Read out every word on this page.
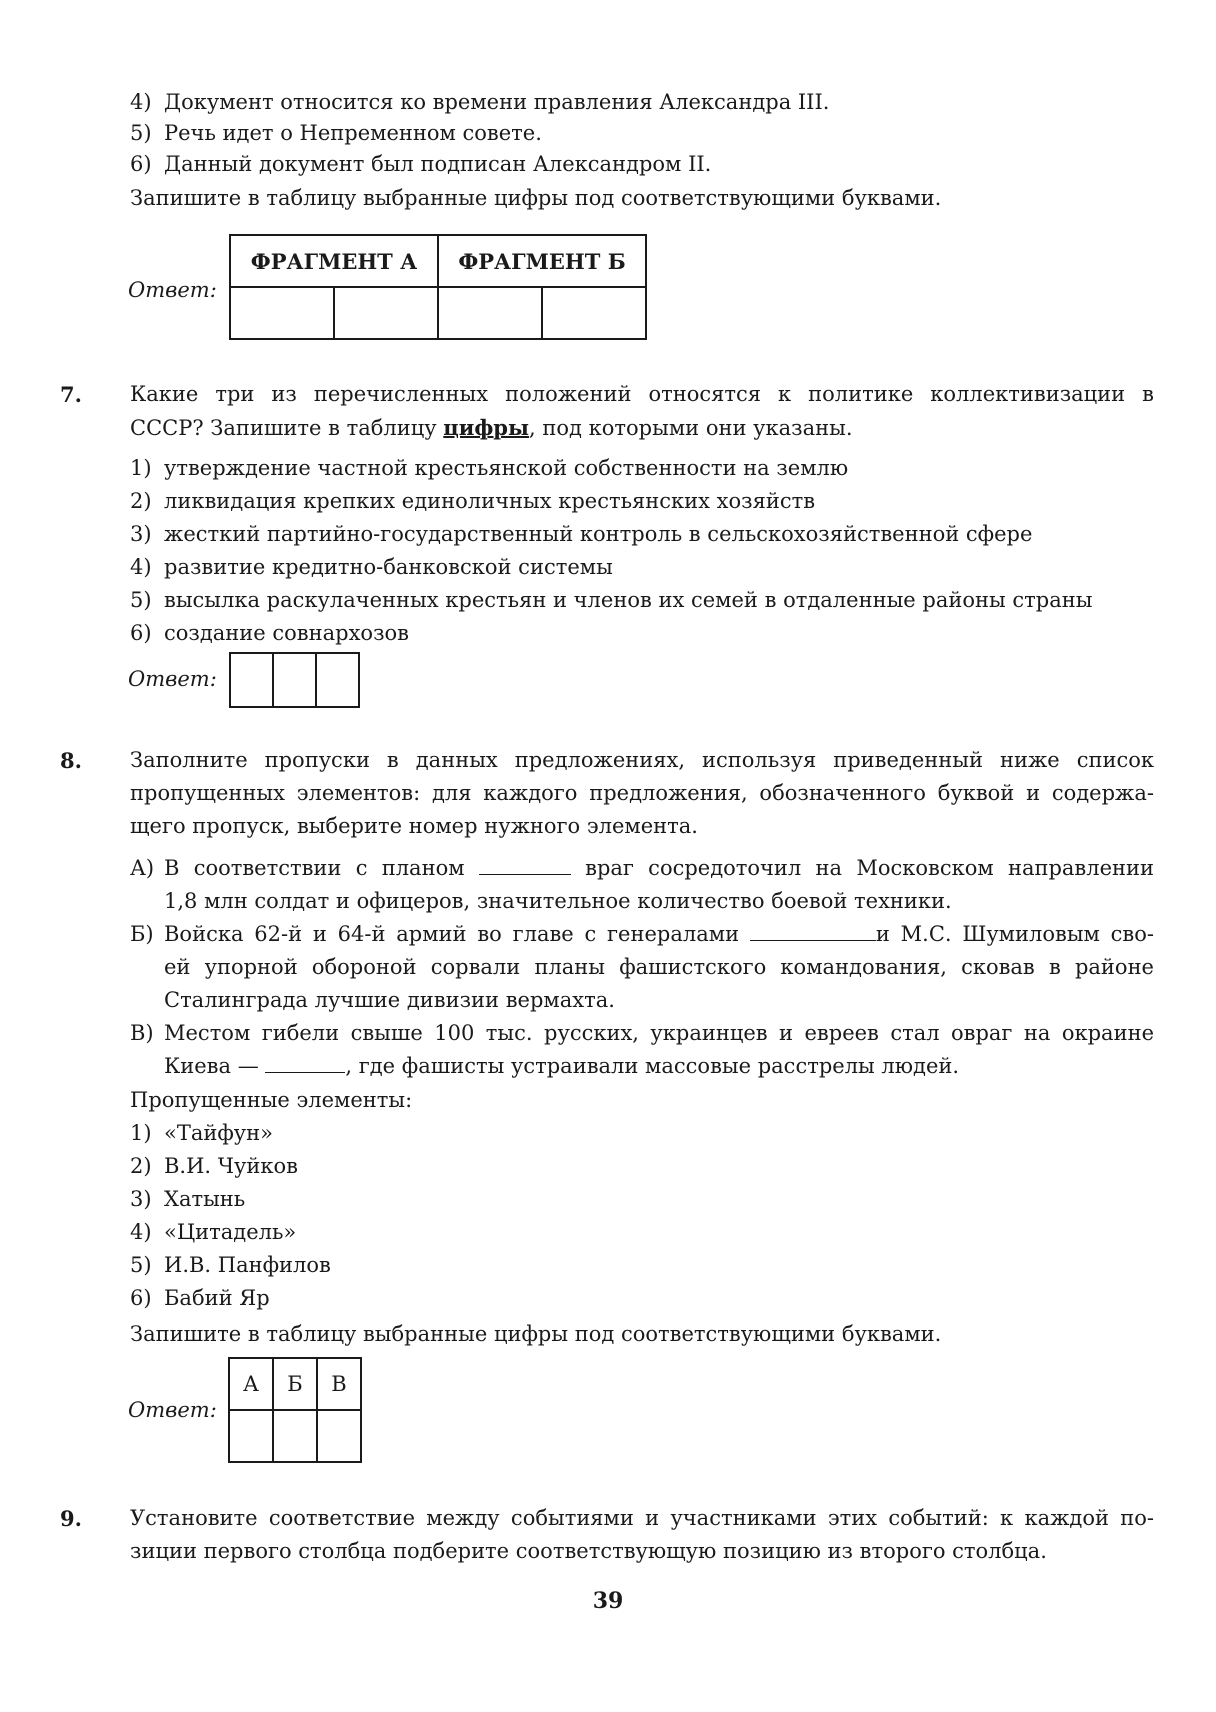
4) Документ относится ко времени правления Александра III.
5) Речь идет о Непременном совете.
6) Данный документ был подписан Александром II.
Запишите в таблицу выбранные цифры под соответствующими буквами.
Ответ:
ФРАГМЕНТ А		ФРАГМЕНТ Б	

7. Какие три из перечисленных положений относятся к политике коллективизации в
СССР? Запишите в таблицу цифры, под которыми они указаны.
1) утверждение частной крестьянской собственности на землю
2) ликвидация крепких единоличных крестьянских хозяйств
3) жесткий партийно-государственный контроль в сельскохозяйственной сфере
4) развитие кредитно-банковской системы
5) высылка раскулаченных крестьян и членов их семей в отдаленные районы страны
6) создание совнархозов
Ответ:

8. Заполните пропуски в данных предложениях, используя приведенный ниже список
пропущенных элементов: для каждого предложения, обозначенного буквой и содержа-
щего пропуск, выберите номер нужного элемента.
А) В соответствии с планом	враг сосредоточил на Московском направлении
1,8 млн солдат и офицеров, значительное количество боевой техники.
Б) Войска 62-й и 64-й армий во главе с генералами	и М.С. Шумиловым сво-
ей упорной обороной сорвали планы фашистского командования, сковав в районе
Сталинграда лучшие дивизии вермахта.
В) Местом гибели свыше 100 тыс. русских, украинцев и евреев стал овраг на окраине
Киева —	, где фашисты устраивали массовые расстрелы людей.
Пропущенные элементы:
1) «Тайфун»
2) В.И. Чуйков
3) Хатынь
4) «Цитадель»
5) И.В. Панфилов
6) Бабий Яр
Запишите в таблицу выбранные цифры под соответствующими буквами.
Ответ:
А	Б	В

9. Установите соответствие между событиями и участниками этих событий: к каждой по-
зиции первого столбца подберите соответствующую позицию из второго столбца.
39
